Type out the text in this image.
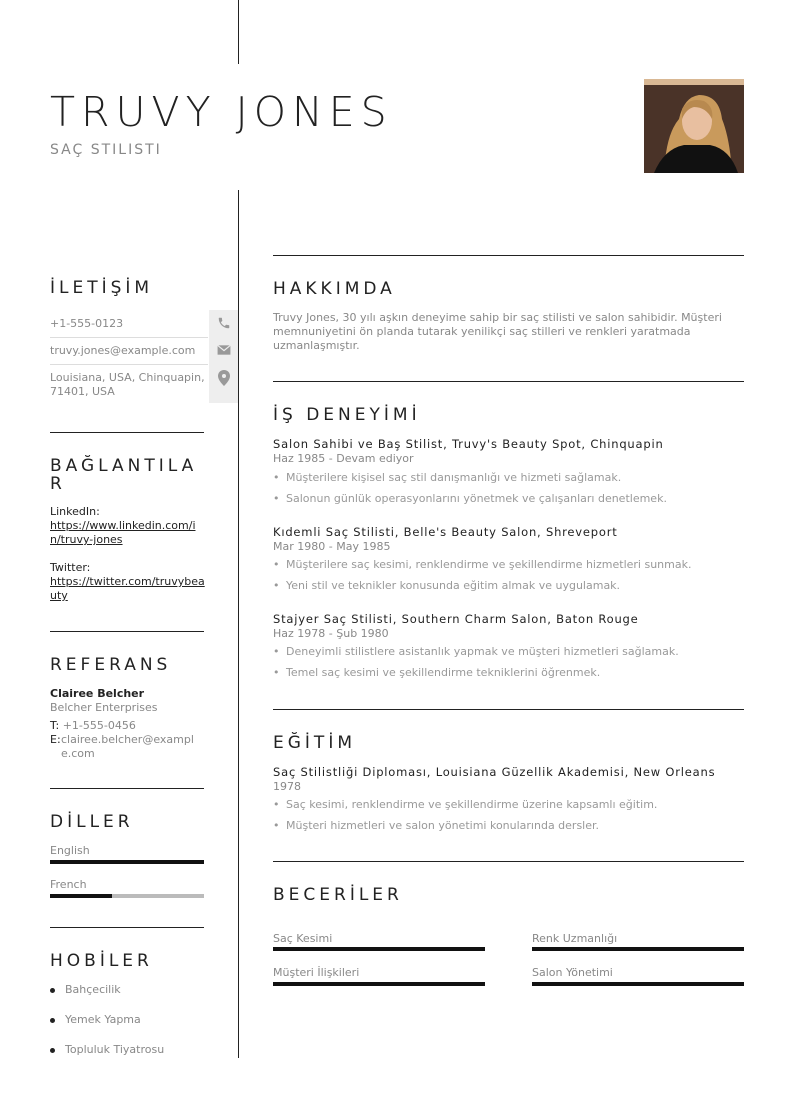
TRUVY JONES
SAÇ STILISTI
İLETİŞİM
+1-555-0123
truvy.jones@example.com
Louisiana, USA, Chinquapin,
71401, USA
BAĞLANTILAR
LinkedIn:
https://www.linkedin.com/in/truvy-jones
Twitter:
https://twitter.com/truvybeauty
REFERANS
Clairee Belcher
Belcher Enterprises
T: +1-555-0456
E: clairee.belcher@example.com
DİLLER
English
French
HOBİLER
Bahçecilik
Yemek Yapma
Topluluk Tiyatrosu
HAKKIMDA
Truvy Jones, 30 yılı aşkın deneyime sahip bir saç stilisti ve salon sahibidir. Müşteri
memnuniyetini ön planda tutarak yenilikçi saç stilleri ve renkleri yaratmada
uzmanlaşmıştır.
İŞ DENEYİMİ
Salon Sahibi ve Baş Stilist, Truvy's Beauty Spot, Chinquapin
Haz 1985 - Devam ediyor
• Müşterilere kişisel saç stil danışmanlığı ve hizmeti sağlamak.
• Salonun günlük operasyonlarını yönetmek ve çalışanları denetlemek.
Kıdemli Saç Stilisti, Belle's Beauty Salon, Shreveport
Mar 1980 - May 1985
• Müşterilere saç kesimi, renklendirme ve şekillendirme hizmetleri sunmak.
• Yeni stil ve teknikler konusunda eğitim almak ve uygulamak.
Stajyer Saç Stilisti, Southern Charm Salon, Baton Rouge
Haz 1978 - Şub 1980
• Deneyimli stilistlere asistanlık yapmak ve müşteri hizmetleri sağlamak.
• Temel saç kesimi ve şekillendirme tekniklerini öğrenmek.
EĞİTİM
Saç Stilistliği Diploması, Louisiana Güzellik Akademisi, New Orleans
1978
• Saç kesimi, renklendirme ve şekillendirme üzerine kapsamlı eğitim.
• Müşteri hizmetleri ve salon yönetimi konularında dersler.
BECERİLER
Saç Kesimi	Renk Uzmanlığı
Müşteri İlişkileri	Salon Yönetimi
